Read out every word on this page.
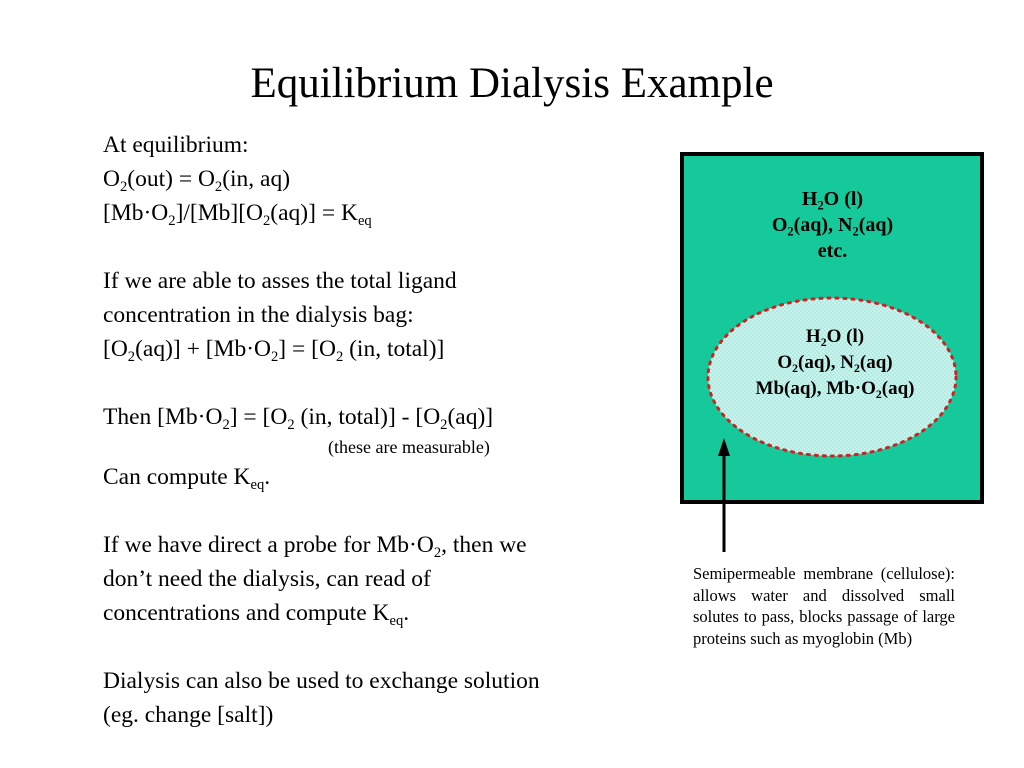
Equilibrium Dialysis Example
At equilibrium:
$O_2(out) = O_2(in$, aq)
$[Mb\cdot O_2]/[Mb][O_2(aq)] = K_{eq}$
If we are able to asses the total ligand
concentration in the dialysis bag:
$[O_2(aq)] + [Mb\cdot O_2] = [O_2$ (in, total)]
Then $[Mb\cdot O_2] = [O_2$ (in, total)] - $[O_2(aq)]$
(these are measurable)
Can compute $K_{eq}$.
If we have direct a probe for $Mb\cdot O_2$, then we
don’t need the dialysis, can read of
concentrations and compute $K_{eq}$.
Dialysis can also be used to exchange solution
(eg. change [salt])
$H_2O$ (l)
$O_2(aq)$, $N_2(aq)$
etc.
$H_2O$ (l)
$O_2(aq)$, $N_2(aq)$
Mb(aq), $Mb\cdot O_2(aq)$
Semipermeable membrane (cellulose): allows water and dissolved small solutes to pass, blocks passage of large proteins such as myoglobin (Mb)
